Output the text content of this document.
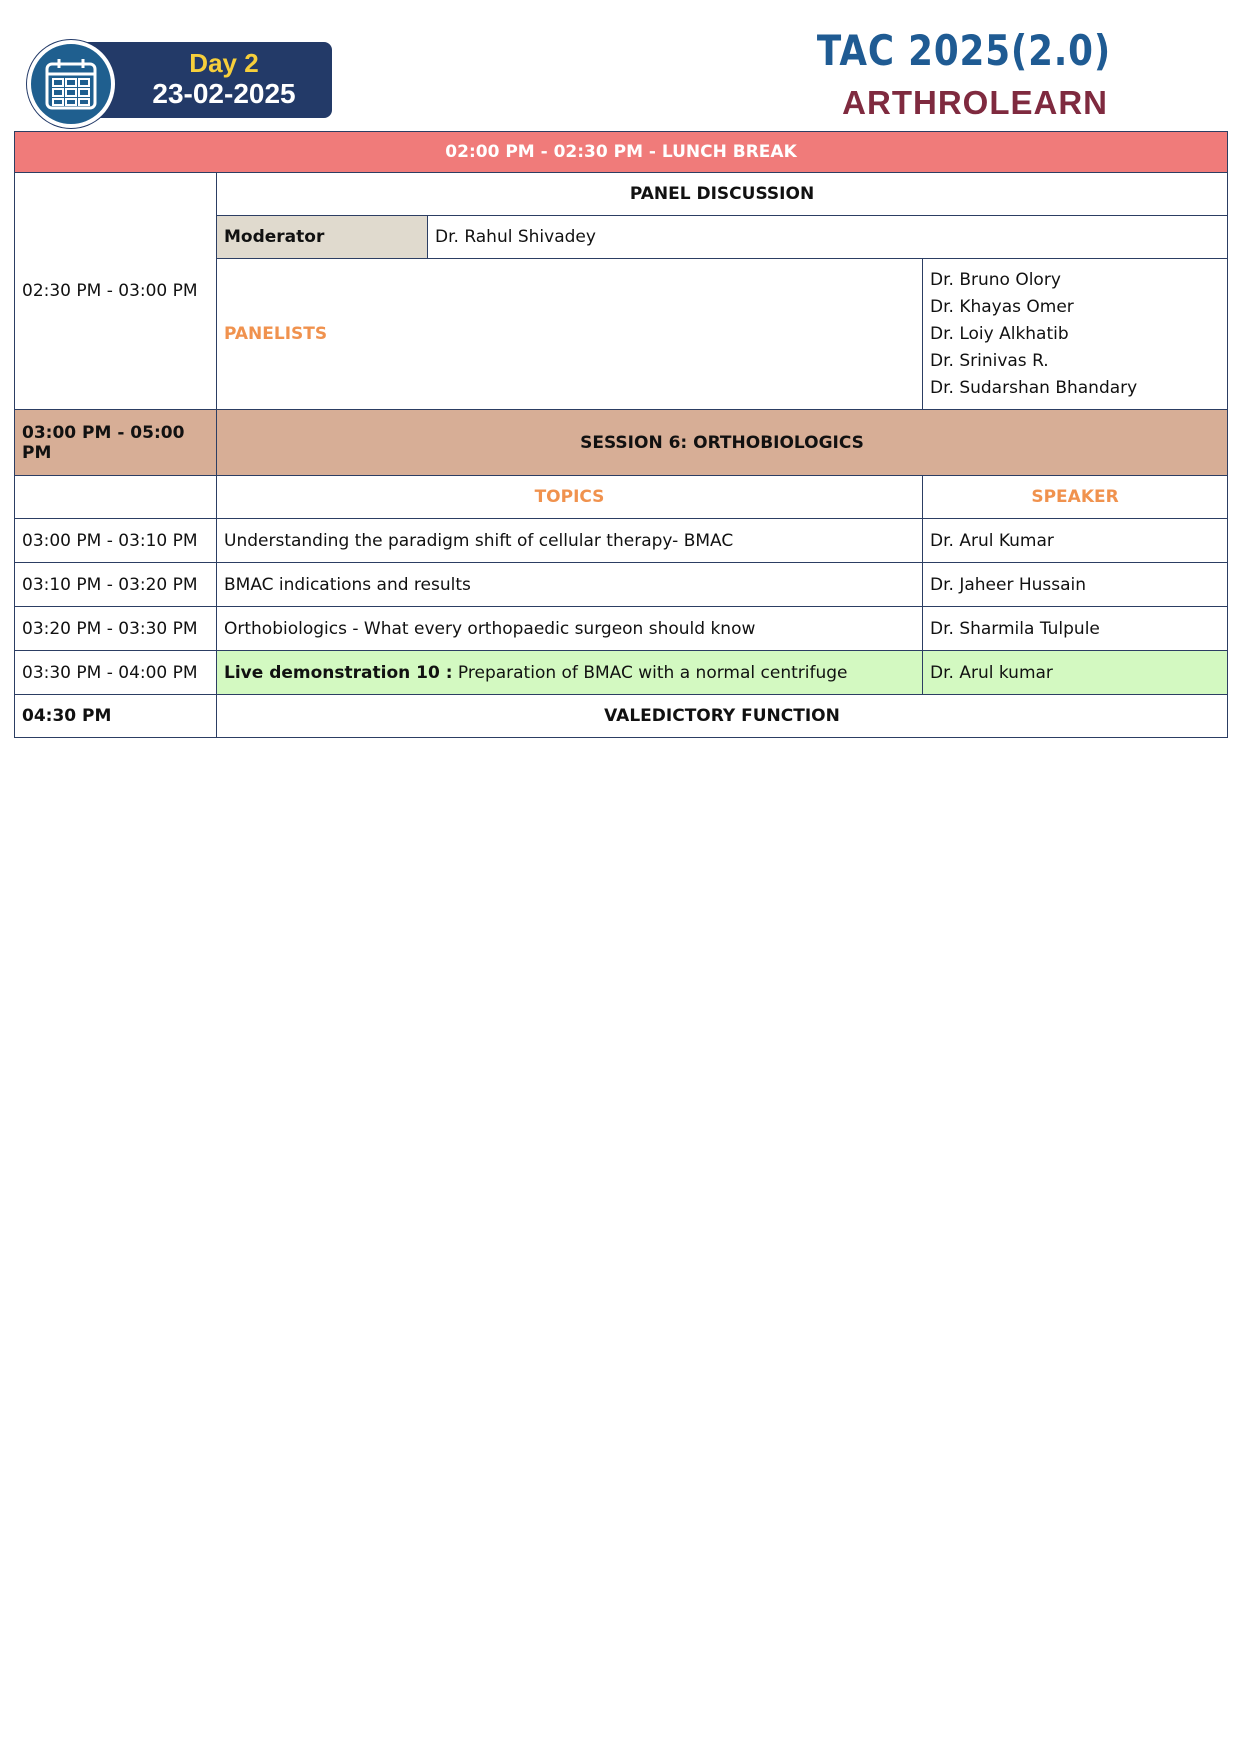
Day 2
23-02-2025
TAC 2025(2.0)
ARTHROLEARN
02:00 PM - 02:30 PM - LUNCH BREAK			
02:30 PM - 03:00 PM	PANEL DISCUSSION		
	Moderator	Dr. Rahul Shivadey	
	PANELISTS		Dr. Bruno Olory
Dr. Khayas Omer
Dr. Loiy Alkhatib
Dr. Srinivas R.
Dr. Sudarshan Bhandary

03:00 PM - 05:00 PM	SESSION 6: ORTHOBIOLOGICS		
	TOPICS		SPEAKER
03:00 PM - 03:10 PM	Understanding the paradigm shift of cellular therapy- BMAC		Dr. Arul Kumar
03:10 PM - 03:20 PM	BMAC indications and results		Dr. Jaheer Hussain
03:20 PM - 03:30 PM	Orthobiologics - What every orthopaedic surgeon should know		Dr. Sharmila Tulpule
03:30 PM - 04:00 PM	Live demonstration 10 : Preparation of BMAC with a normal centrifuge		Dr. Arul kumar
04:30 PM	VALEDICTORY FUNCTION		
